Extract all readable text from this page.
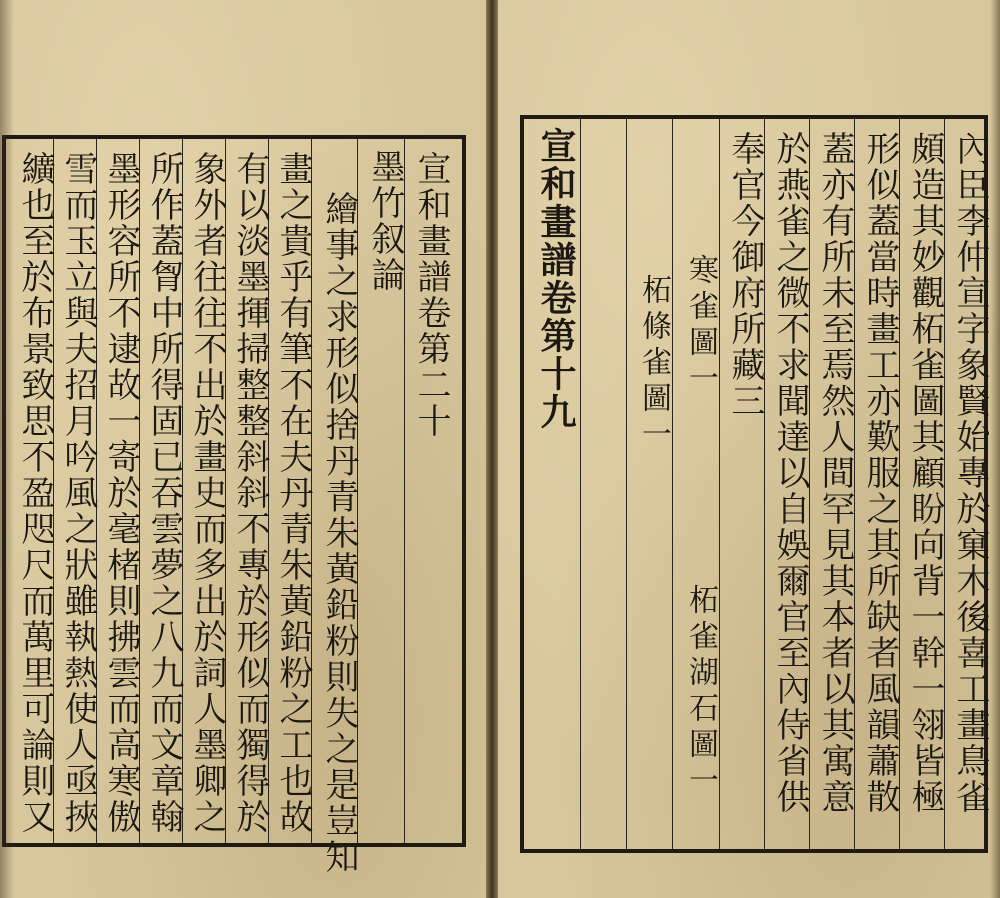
宣和畫譜卷第二十
墨竹叙論
繪事之求形似捨丹青朱黃鉛粉則失之是豈知
畫之貴乎有筆不在夫丹青朱黃鉛粉之工也故
有以淡墨揮掃整整斜斜不專於形似而獨得於
象外者往往不出於畫史而多出於詞人墨卿之
所作蓋胷中所得固已吞雲夢之八九而文章翰
墨形容所不逮故一寄於毫楮則拂雲而高寒傲
雪而玉立與夫招月吟風之狀雖執熱使人亟挾
纊也至於布景致思不盈咫尺而萬里可論則又	內臣李仲宣字象賢始專於窠木後喜工畫鳥雀
頗造其妙觀柘雀圖其顧盼向背一幹一翎皆極
形似蓋當時畫工亦歎服之其所缺者風韻蕭散
蓋亦有所未至焉然人間罕見其本者以其寓意
於燕雀之微不求聞達以自娛爾官至內侍省供
奉官今御府所藏三
寒雀圖一
柘雀湖石圖一
柘條雀圖一
宣和畫譜卷第十九
